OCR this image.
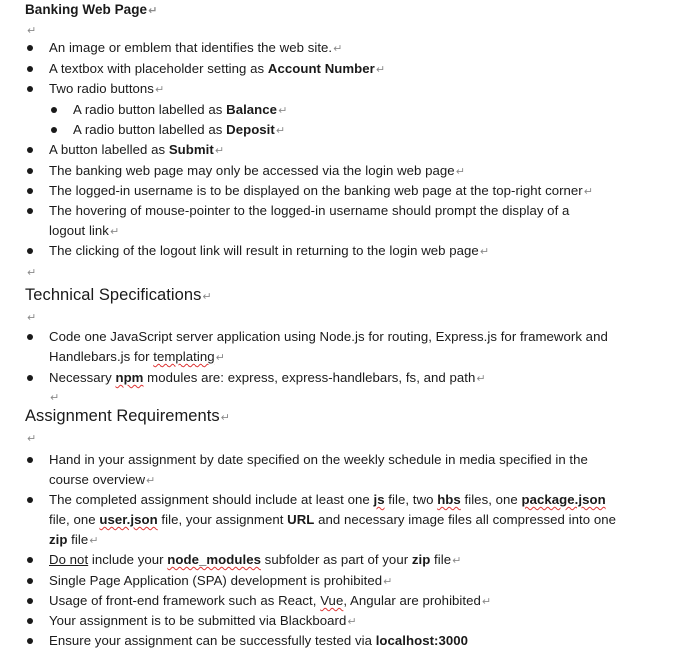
Banking Web Page↵
↵
An image or emblem that identifies the web site.↵
A textbox with placeholder setting as Account Number↵
Two radio buttons↵
A radio button labelled as Balance↵
A radio button labelled as Deposit↵
A button labelled as Submit↵
The banking web page may only be accessed via the login web page↵
The logged-in username is to be displayed on the banking web page at the top-right corner↵
The hovering of mouse-pointer to the logged-in username should prompt the display of a
logout link↵
The clicking of the logout link will result in returning to the login web page↵
↵
Technical Specifications↵
↵
Code one JavaScript server application using Node.js for routing, Express.js for framework and
Handlebars.js for templating↵
Necessary npm modules are: express, express-handlebars, fs, and path↵
↵
Assignment Requirements↵
↵
Hand in your assignment by date specified on the weekly schedule in media specified in the
course overview↵
The completed assignment should include at least one js file, two hbs files, one package.json
file, one user.json file, your assignment URL and necessary image files all compressed into one
zip file↵
Do not include your node_modules subfolder as part of your zip file↵
Single Page Application (SPA) development is prohibited↵
Usage of front-end framework such as React, Vue, Angular are prohibited↵
Your assignment is to be submitted via Blackboard↵
Ensure your assignment can be successfully tested via localhost:3000
